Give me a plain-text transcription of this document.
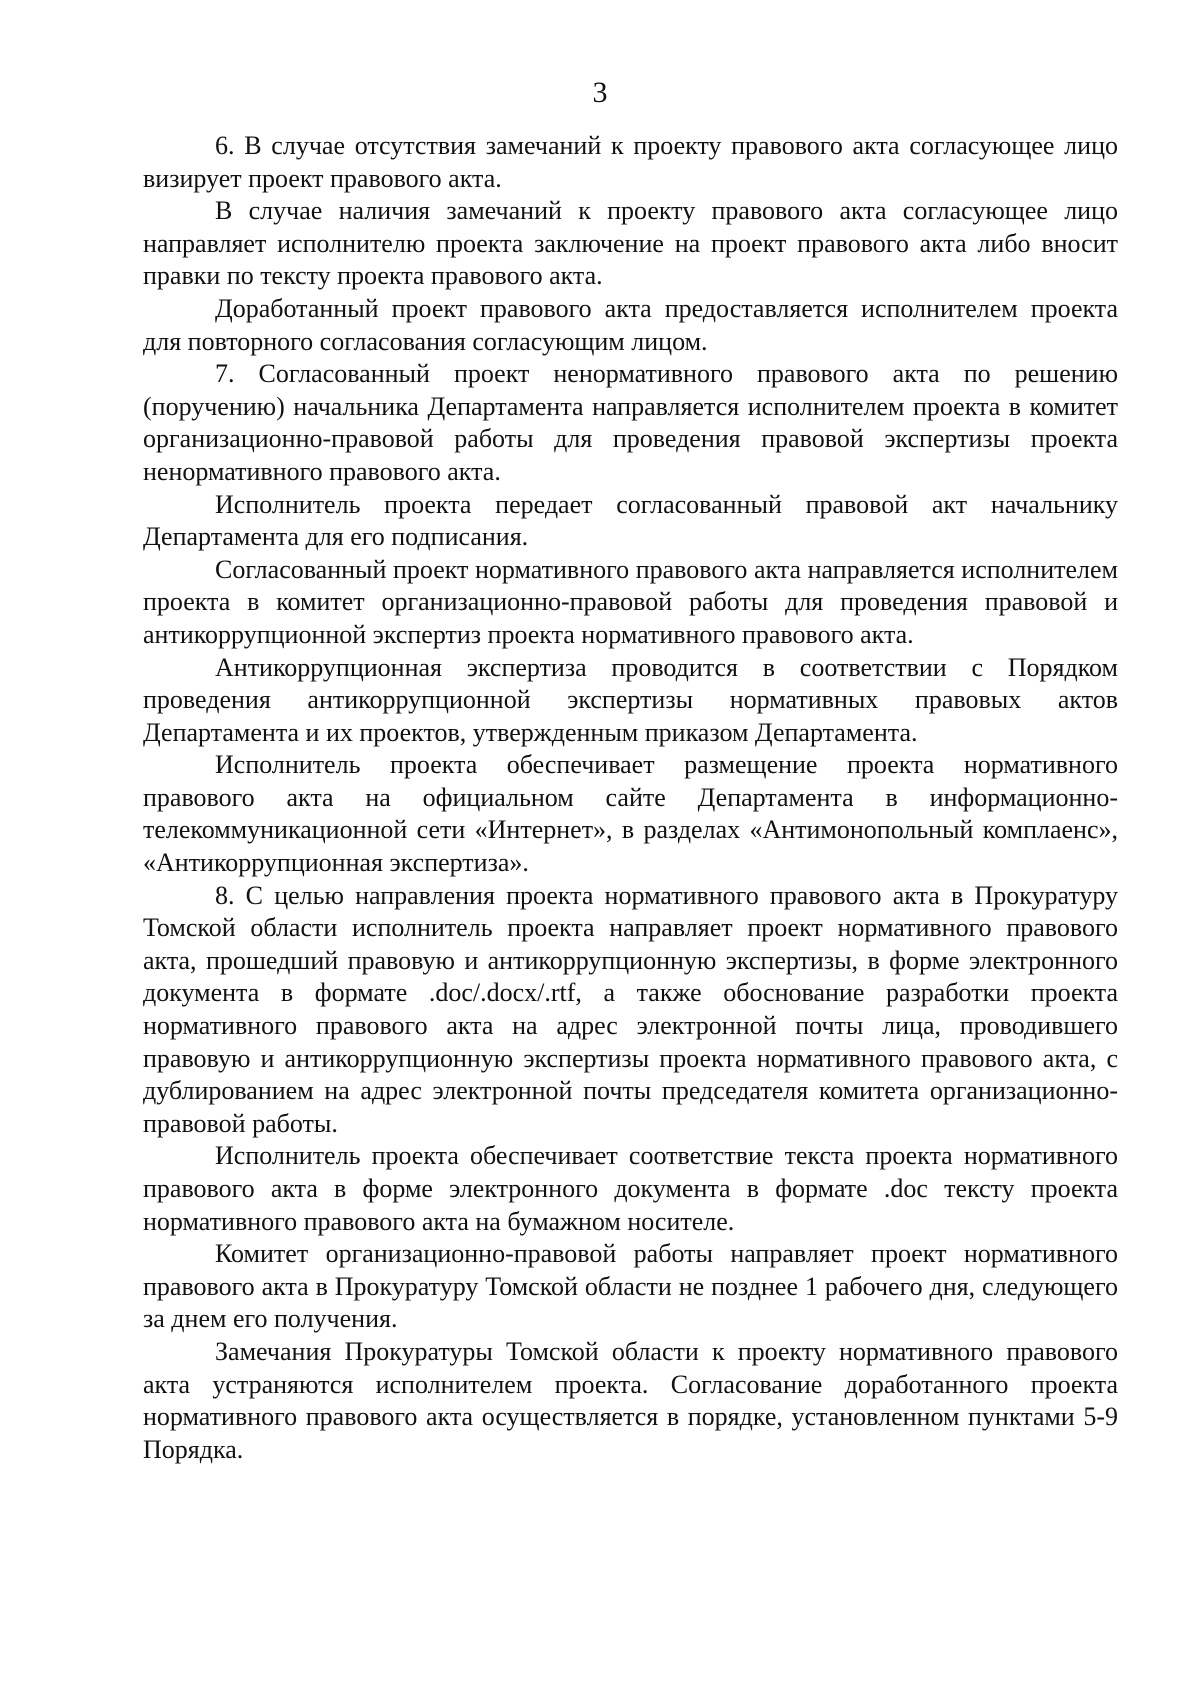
3

6. В случае отсутствия замечаний к проекту правового акта согласующее лицо визирует проект правового акта.

В случае наличия замечаний к проекту правового акта согласующее лицо направляет исполнителю проекта заключение на проект правового акта либо вносит правки по тексту проекта правового акта.

Доработанный проект правового акта предоставляется исполнителем проекта для повторного согласования согласующим лицом.

7. Согласованный проект ненормативного правового акта по решению (поручению) начальника Департамента направляется исполнителем проекта в комитет организационно-правовой работы для проведения правовой экспертизы проекта ненормативного правового акта.

Исполнитель проекта передает согласованный правовой акт начальнику Департамента для его подписания.

Согласованный проект нормативного правового акта направляется исполнителем проекта в комитет организационно-правовой работы для проведения правовой и антикоррупционной экспертиз проекта нормативного правового акта.

Антикоррупционная экспертиза проводится в соответствии с Порядком проведения антикоррупционной экспертизы нормативных правовых актов Департамента и их проектов, утвержденным приказом Департамента.

Исполнитель проекта обеспечивает размещение проекта нормативного правового акта на официальном сайте Департамента в информационно-телекоммуникационной сети «Интернет», в разделах «Антимонопольный комплаенс», «Антикоррупционная экспертиза».

8. С целью направления проекта нормативного правового акта в Прокуратуру Томской области исполнитель проекта направляет проект нормативного правового акта, прошедший правовую и антикоррупционную экспертизы, в форме электронного документа в формате .doc/.docx/.rtf, а также обоснование разработки проекта нормативного правового акта на адрес электронной почты лица, проводившего правовую и антикоррупционную экспертизы проекта нормативного правового акта, с дублированием на адрес электронной почты председателя комитета организационно-правовой работы.

Исполнитель проекта обеспечивает соответствие текста проекта нормативного правового акта в форме электронного документа в формате .doc тексту проекта нормативного правового акта на бумажном носителе.

Комитет организационно-правовой работы направляет проект нормативного правового акта в Прокуратуру Томской области не позднее 1 рабочего дня, следующего за днем его получения.

Замечания Прокуратуры Томской области к проекту нормативного правового акта устраняются исполнителем проекта. Согласование доработанного проекта нормативного правового акта осуществляется в порядке, установленном пунктами 5-9 Порядка.
